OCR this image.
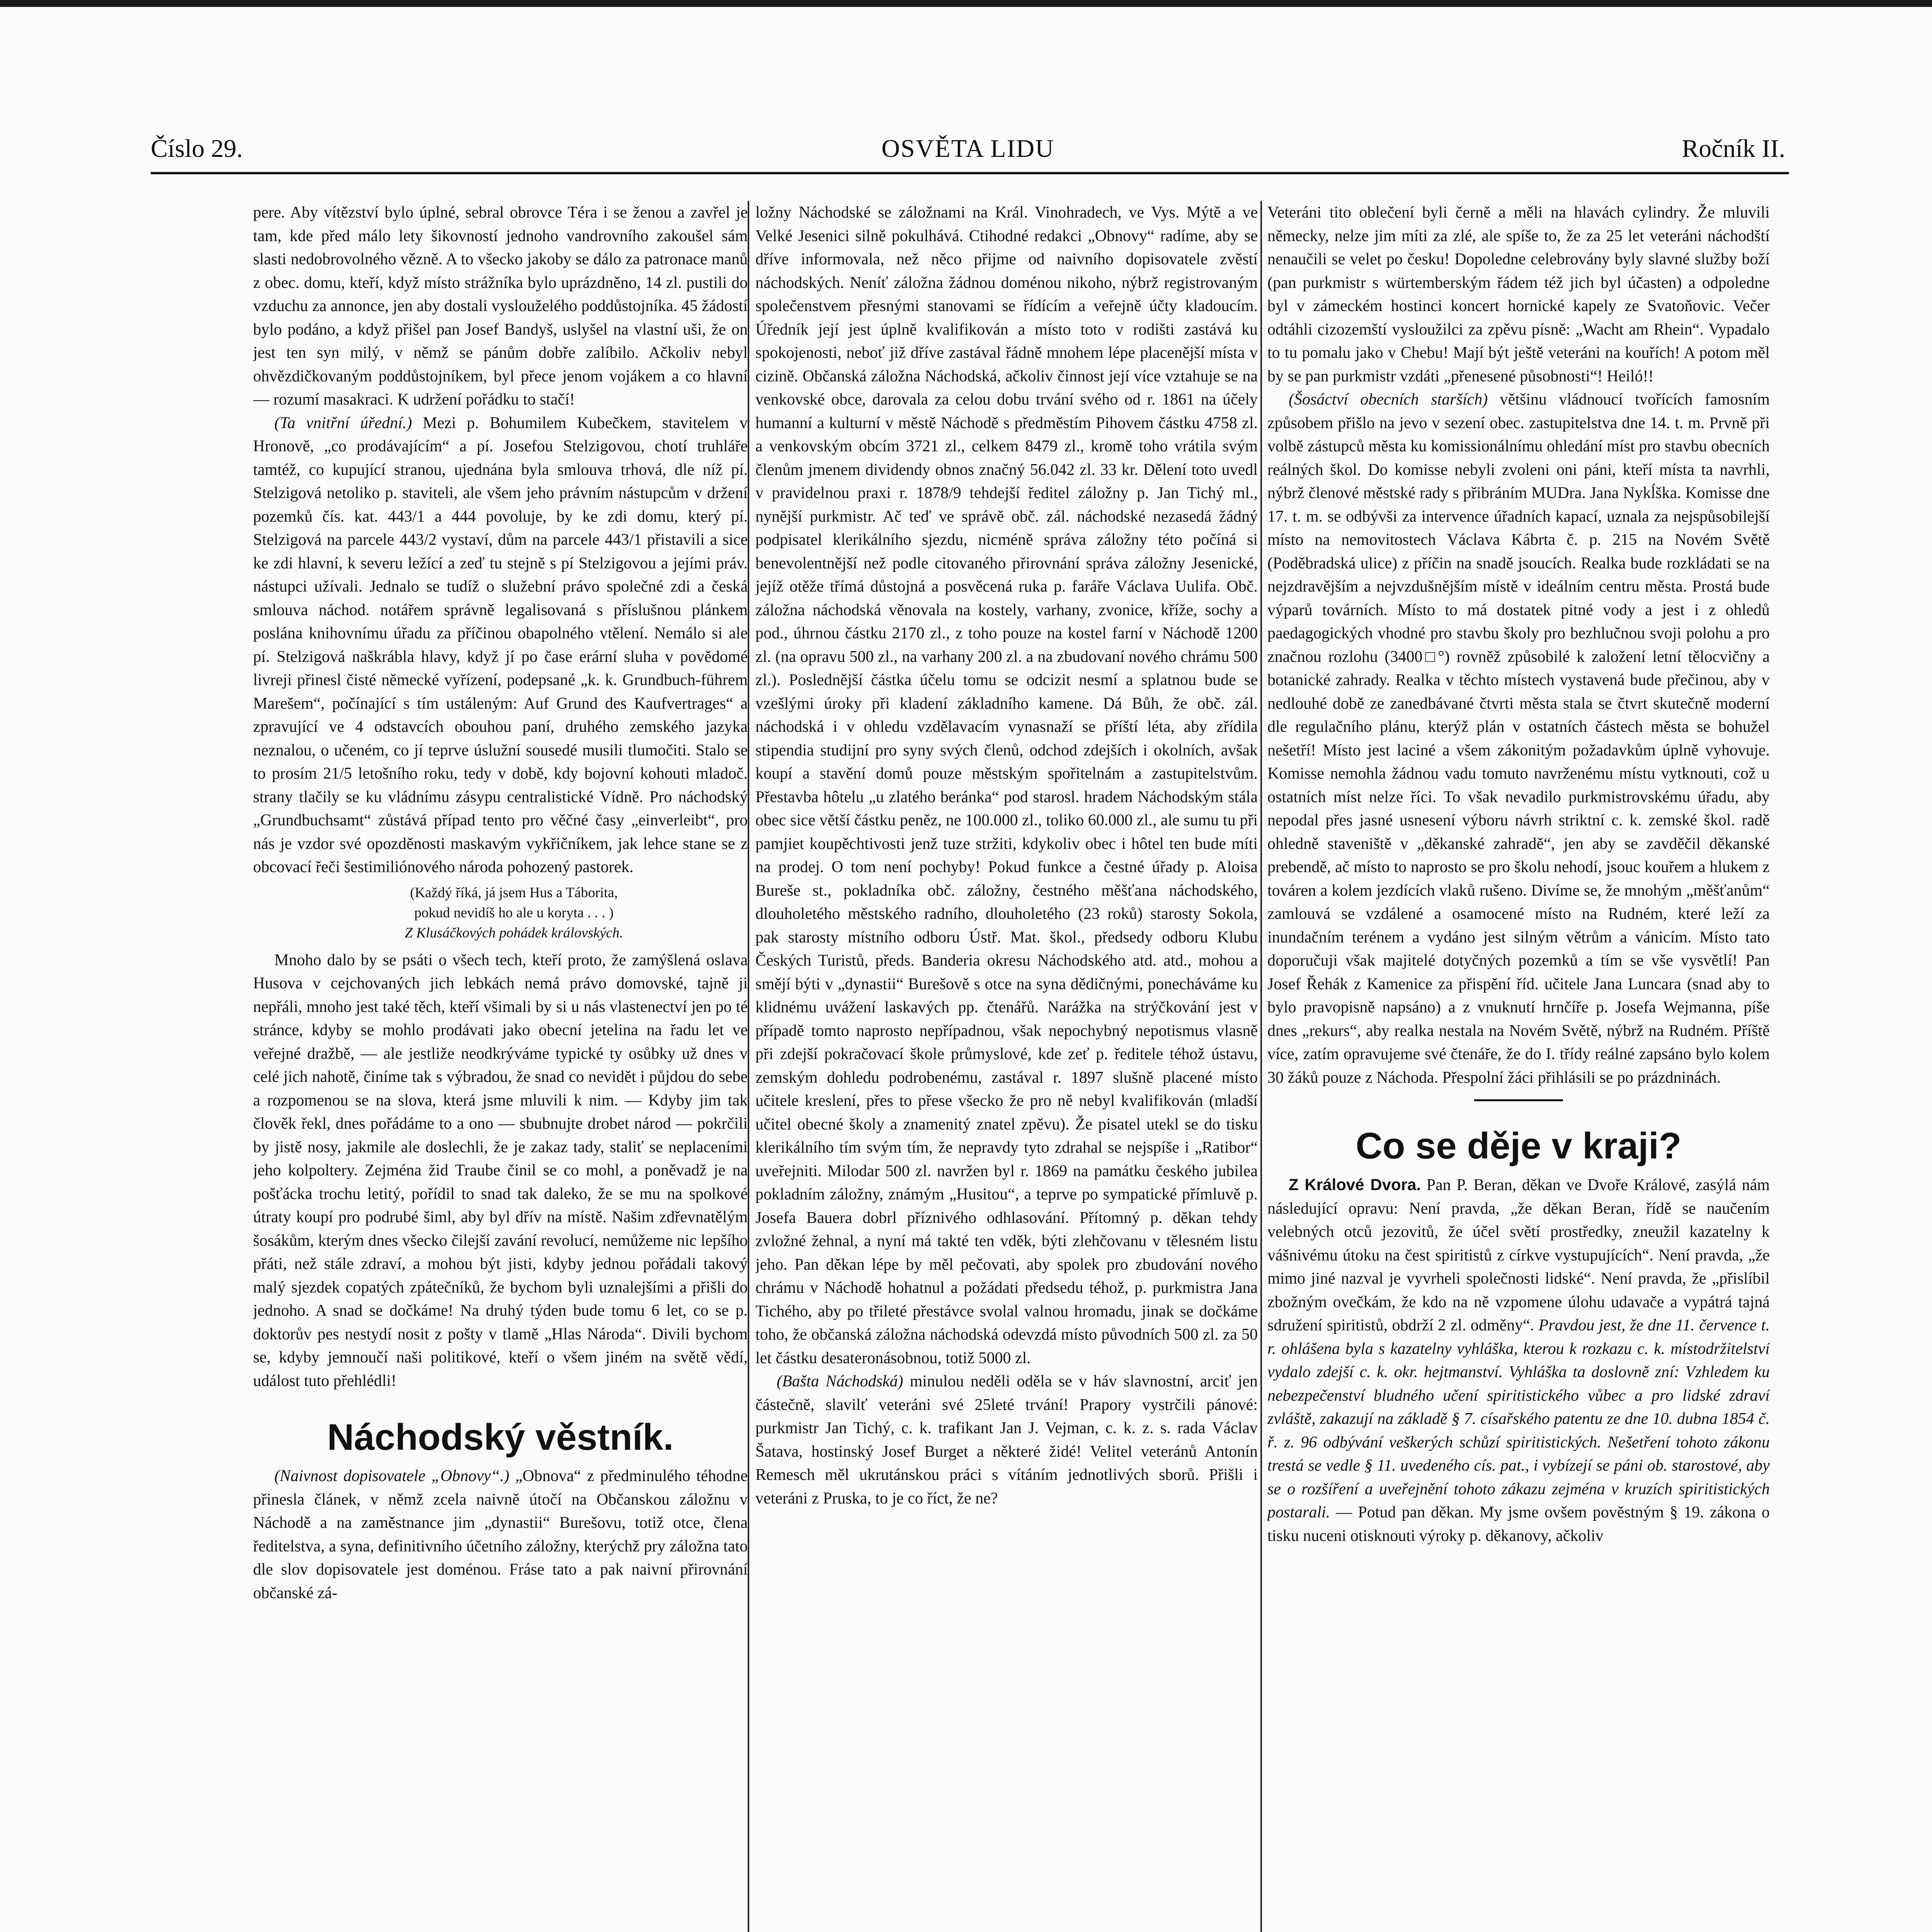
Číslo 29.	OSVĚTA LIDU	Ročník II.

pere. Aby vítězství bylo úplné, sebral obrovce Téra i se ženou a zavřel je tam, kde před málo lety šikovností jednoho vandrovního zakoušel sám slasti nedobrovolného vězně. A to všecko jakoby se dálo za patronace manů z obec. domu, kteří, když místo strážníka bylo uprázdněno, 14 zl. pustili do vzduchu za annonce, jen aby dostali vyslouželého poddůstojníka. 45 žádostí bylo podáno, a když přišel pan Josef Bandyš, uslyšel na vlastní uši, že on jest ten syn milý, v němž se pánům dobře zalíbilo. Ačkoliv nebyl ohvězdičkovaným poddůstojníkem, byl přece jenom vojákem a co hlavní — rozumí masakraci. K udržení pořádku to stačí!

(Ta vnitřní úřední.) Mezi p. Bohumilem Kubečkem, stavitelem v Hronově, „co prodávajícím“ a pí. Josefou Stelzigovou, chotí truhláře tamtéž, co kupující stranou, ujednána byla smlouva trhová, dle níž pí. Stelzigová netoliko p. staviteli, ale všem jeho právním nástupcům v držení pozemků čís. kat. 443/1 a 444 povoluje, by ke zdi domu, který pí. Stelzigová na parcele 443/2 vystaví, dům na parcele 443/1 přistavili a sice ke zdi hlavní, k severu ležící a zeď tu stejně s pí Stelzigovou a jejími práv. nástupci užívali. Jednalo se tudíž o služební právo společné zdi a česká smlouva náchod. notářem správně legalisovaná s příslušnou plánkem poslána knihovnímu úřadu za příčinou obapolného vtělení. Nemálo si ale pí. Stelzigová naškrábla hlavy, když jí po čase erární sluha v povědomé livreji přinesl čisté německé vyřízení, podepsané „k. k. Grundbuch-führem Marešem“, počínající s tím ustáleným: Auf Grund des Kaufvertrages“ a zpravující ve 4 odstavcích obouhou paní, druhého zemského jazyka neznalou, o učeném, co jí teprve úslužní sousedé musili tlumočiti. Stalo se to prosím 21/5 letošního roku, tedy v době, kdy bojovní kohouti mladoč. strany tlačily se ku vládnímu zásypu centralistické Vídně. Pro náchodský „Grundbuchsamt“ zůstává případ tento pro věčné časy „einverleibt“, pro nás je vzdor své opozděnosti maskavým vykřičníkem, jak lehce stane se z obcovací řeči šestimiliónového národa pohozený pastorek.

(Každý říká, já jsem Hus a Táborita,
pokud nevidíš ho ale u koryta . . . )
Z Klusáčkových pohádek královských.

Mnoho dalo by se psáti o všech tech, kteří proto, že zamýšlená oslava Husova v cejchovaných jich lebkách nemá právo domovské, tajně ji nepřáli, mnoho jest také těch, kteří všimali by si u nás vlastenectví jen po té stránce, kdyby se mohlo prodávati jako obecní jetelina na řadu let ve veřejné dražbě, — ale jestliže neodkrýváme typické ty osůbky už dnes v celé jich nahotě, činíme tak s výbradou, že snad co nevidět i půjdou do sebe a rozpomenou se na slova, která jsme mluvili k nim. — Kdyby jim tak člověk řekl, dnes pořádáme to a ono — sbubnujte drobet národ — pokrčili by jistě nosy, jakmile ale doslechli, že je zakaz tady, staliť se neplaceními jeho kolpoltery. Zejména žid Traube činil se co mohl, a poněvadž je na pošťácka trochu letitý, pořídil to snad tak daleko, že se mu na spolkové útraty koupí pro podrubé šiml, aby byl dřív na místě. Našim zdřevnatělým šosákům, kterým dnes všecko čilejší zavání revolucí, nemůžeme nic lepšího přáti, než stále zdraví, a mohou být jisti, kdyby jednou pořádali takový malý sjezdek copatých zpátečníků, že bychom byli uznalejšími a přišli do jednoho. A snad se dočkáme! Na druhý týden bude tomu 6 let, co se p. doktorův pes nestydí nosit z pošty v tlamě „Hlas Národa“. Divili bychom se, kdyby jemnoučí naši politikové, kteří o všem jiném na světě vědí, událost tuto přehlédli!

Náchodský věstník.

(Naivnost dopisovatele „Obnovy“.) „Obnova“ z předminulého téhodne přinesla článek, v němž zcela naivně útočí na Občanskou záložnu v Náchodě a na zaměstnance jim „dynastii“ Burešovu, totiž otce, člena ředitelstva, a syna, definitivního účetního záložny, kterýchž pry záložna tato dle slov dopisovatele jest doménou. Fráse tato a pak naivní přirovnání občanské zá-

ložny Náchodské se záložnami na Král. Vinohradech, ve Vys. Mýtě a ve Velké Jesenici silně pokulhává. Ctihodné redakci „Obnovy“ radíme, aby se dříve informovala, než něco přijme od naivního dopisovatele zvěstí náchodských. Neníť záložna žádnou doménou nikoho, nýbrž registrovaným společenstvem přesnými stanovami se řídícím a veřejně účty kladoucím. Úředník její jest úplně kvalifikován a místo toto v rodišti zastává ku spokojenosti, neboť již dříve zastával řádně mnohem lépe placenější místa v cizině. Občanská záložna Náchodská, ačkoliv činnost její více vztahuje se na venkovské obce, darovala za celou dobu trvání svého od r. 1861 na účely humanní a kulturní v městě Náchodě s předměstím Pihovem částku 4758 zl. a venkovským obcím 3721 zl., celkem 8479 zl., kromě toho vrátila svým členům jmenem dividendy obnos značný 56.042 zl. 33 kr. Dělení toto uvedl v pravidelnou praxi r. 1878/9 tehdejší ředitel záložny p. Jan Tichý ml., nynější purkmistr. Ač teď ve správě obč. zál. náchodské nezasedá žádný podpisatel klerikálního sjezdu, nicméně správa záložny této počíná si benevolentnější než podle citovaného přirovnání správa záložny Jesenické, jejíž otěže třímá důstojná a posvěcená ruka p. faráře Václava Uulifa. Obč. záložna náchodská věnovala na kostely, varhany, zvonice, kříže, sochy a pod., úhrnou částku 2170 zl., z toho pouze na kostel farní v Náchodě 1200 zl. (na opravu 500 zl., na varhany 200 zl. a na zbudovaní nového chrámu 500 zl.). Poslednější částka účelu tomu se odcizit nesmí a splatnou bude se vzešlými úroky při kladení základního kamene. Dá Bůh, že obč. zál. náchodská i v ohledu vzdělavacím vynasnaží se příští léta, aby zřídila stipendia studijní pro syny svých členů, odchod zdejších i okolních, avšak koupí a stavění domů pouze městským spořitelnám a zastupitelstvům. Přestavba hôtelu „u zlatého beránka“ pod starosl. hradem Náchodským stála obec sice větší částku peněz, ne 100.000 zl., toliko 60.000 zl., ale sumu tu při pamjiet koupěchtivosti jenž tuze stržiti, kdykoliv obec i hôtel ten bude míti na prodej. O tom není pochyby! Pokud funkce a čestné úřady p. Aloisa Bureše st., pokladníka obč. záložny, čestného měšťana náchodského, dlouholetého městského radního, dlouholetého (23 roků) starosty Sokola, pak starosty místního odboru Ústř. Mat. škol., předsedy odboru Klubu Českých Turistů, předs. Banderia okresu Náchodského atd. atd., mohou a smějí býti v „dynastii“ Burešově s otce na syna dědičnými, ponecháváme ku klidnému uvážení laskavých pp. čtenářů. Narážka na strýčkování jest v případě tomto naprosto nepřípadnou, však nepochybný nepotismus vlasně při zdejší pokračovací škole průmyslové, kde zeť p. ředitele téhož ústavu, zemským dohledu podrobenému, zastával r. 1897 slušně placené místo učitele kreslení, přes to přese všecko že pro ně nebyl kvalifikován (mladší učitel obecné školy a znamenitý znatel zpěvu). Že pisatel utekl se do tisku klerikálního tím svým tím, že nepravdy tyto zdrahal se nejspíše i „Ratibor“ uveřejniti. Milodar 500 zl. navržen byl r. 1869 na památku českého jubilea pokladním záložny, známým „Husitou“, a teprve po sympatické přímluvě p. Josefa Bauera dobrl příznivého odhlasování. Přítomný p. děkan tehdy zvložné žehnal, a nyní má takté ten vděk, býti zlehčovanu v tělesném listu jeho. Pan děkan lépe by měl pečovati, aby spolek pro zbudování nového chrámu v Náchodě hohatnul a požádati předsedu téhož, p. purkmistra Jana Tichého, aby po třileté přestávce svolal valnou hromadu, jinak se dočkáme toho, že občanská záložna náchodská odevzdá místo původních 500 zl. za 50 let částku desateronásobnou, totiž 5000 zl.

(Bašta Náchodská) minulou neděli oděla se v háv slavnostní, arciť jen částečně, slavilť veteráni své 25leté trvání! Prapory vystrčili pánové: purkmistr Jan Tichý, c. k. trafikant Jan J. Vejman, c. k. z. s. rada Václav Šatava, hostinský Josef Burget a některé židé! Velitel veteránů Antonín Remesch měl ukrutánskou práci s vítáním jednotlivých sborů. Přišli i veteráni z Pruska, to je co říct, že ne?

Veteráni tito oblečení byli černě a měli na hlavách cylindry. Že mluvili německy, nelze jim míti za zlé, ale spíše to, že za 25 let veteráni náchodští nenaučili se velet po česku! Dopoledne celebrovány byly slavné služby boží (pan purkmistr s würtemberským řádem též jich byl účasten) a odpoledne byl v zámeckém hostinci koncert hornické kapely ze Svatoňovic. Večer odtáhli cizozemští vysloužilci za zpěvu písně: „Wacht am Rhein“. Vypadalo to tu pomalu jako v Chebu! Mají být ještě veteráni na kouřích! A potom měl by se pan purkmistr vzdáti „přenesené působnosti“! Heiló!!

(Šosáctví obecních starších) většinu vládnoucí tvořících famosním způsobem přišlo na jevo v sezení obec. zastupitelstva dne 14. t. m. Prvně při volbě zástupců města ku komissionálnímu ohledání míst pro stavbu obecních reálných škol. Do komisse nebyli zvoleni oni páni, kteří místa ta navrhli, nýbrž členové městské rady s přibráním MUDra. Jana Nykĺška. Komisse dne 17. t. m. se odbývši za intervence úřadních kapací, uznala za nejspůsobilejší místo na nemovitostech Václava Kábrta č. p. 215 na Novém Světě (Poděbradská ulice) z příčin na snadě jsoucích. Realka bude rozkládati se na nejzdravějším a nejvzdušnějším místě v ideálním centru města. Prostá bude výparů továrních. Místo to má dostatek pitné vody a jest i z ohledů paedagogických vhodné pro stavbu školy pro bezhlučnou svoji polohu a pro značnou rozlohu (3400□°) rovněž způsobilé k založení letní tělocvičny a botanické zahrady. Realka v těchto místech vystavená bude přečinou, aby v nedlouhé době ze zanedbávané čtvrti města stala se čtvrt skutečně moderní dle regulačního plánu, kterýž plán v ostatních částech města se bohužel nešetří! Místo jest laciné a všem zákonitým požadavkům úplně vyhovuje. Komisse nemohla žádnou vadu tomuto navrženému místu vytknouti, což u ostatních míst nelze říci. To však nevadilo purkmistrovskému úřadu, aby nepodal přes jasné usnesení výboru návrh striktní c. k. zemské škol. radě ohledně staveniště v „děkanské zahradě“, jen aby se zavděčil děkanské prebendě, ač místo to naprosto se pro školu nehodí, jsouc kouřem a hlukem z továren a kolem jezdících vlaků rušeno. Divíme se, že mnohým „měšťanům“ zamlouvá se vzdálené a osamocené místo na Rudném, které leží za inundačním terénem a vydáno jest silným větrům a vánicím. Místo tato doporučuji však majitelé dotyčných pozemků a tím se vše vysvětlí! Pan Josef Řehák z Kamenice za přispění říd. učitele Jana Luncara (snad aby to bylo pravopisně napsáno) a z vnuknutí hrnčíře p. Josefa Wejmanna, píše dnes „rekurs“, aby realka nestala na Novém Světě, nýbrž na Rudném. Příště více, zatím opravujeme své čtenáře, že do I. třídy reálné zapsáno bylo kolem 30 žáků pouze z Náchoda. Přespolní žáci přihlásili se po prázdninách.

Co se děje v kraji?

Z Králové Dvora. Pan P. Beran, děkan ve Dvoře Králové, zasýlá nám následující opravu: Není pravda, „že děkan Beran, řídě se naučením velebných otců jezovitů, že účel světí prostředky, zneužil kazatelny k vášnivému útoku na čest spiritistů z církve vystupujících“. Není pravda, „že mimo jiné nazval je vyvrheli společnosti lidské“. Není pravda, že „přislíbil zbožným ovečkám, že kdo na ně vzpomene úlohu udavače a vypátrá tajná sdružení spiritistů, obdrží 2 zl. odměny“. Pravdou jest, že dne 11. července t. r. ohlášena byla s kazatelny vyhláška, kterou k rozkazu c. k. místodržitelství vydalo zdejší c. k. okr. hejtmanství. Vyhláška ta doslovně zní: Vzhledem ku nebezpečenství bludného učení spiritistického vůbec a pro lidské zdraví zvláště, zakazují na základě § 7. císařského patentu ze dne 10. dubna 1854 č. ř. z. 96 odbývání veškerých schůzí spiritistických. Nešetření tohoto zákonu trestá se vedle § 11. uvedeného cís. pat., i vybízejí se páni ob. starostové, aby se o rozšíření a uveřejnění tohoto zákazu zejména v kruzích spiritistických postarali. — Potud pan děkan. My jsme ovšem pověstným § 19. zákona o tisku nuceni otisknouti výroky p. děkanovy, ačkoliv
